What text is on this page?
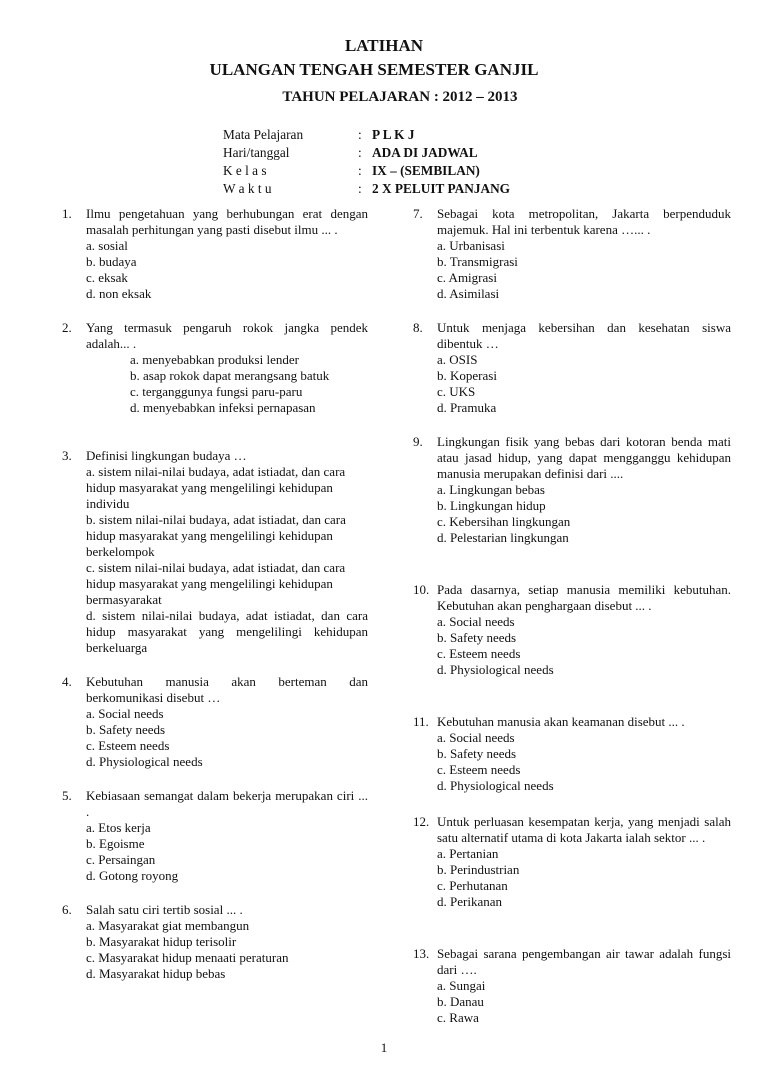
LATIHAN
ULANGAN TENGAH SEMESTER GANJIL
TAHUN PELAJARAN : 2012 – 2013
Mata Pelajaran	: P L K J
Hari/tanggal	: ADA DI JADWAL
K e l a s	: IX – (SEMBILAN)
W a k t u	: 2 X PELUIT PANJANG
1. Ilmu pengetahuan yang berhubungan erat dengan masalah perhitungan yang pasti disebut ilmu ... .
a. sosial
b. budaya
c. eksak
d. non eksak
2. Yang termasuk pengaruh rokok jangka pendek adalah... .
a. menyebabkan produksi lender
b. asap rokok dapat merangsang batuk
c. terganggunya fungsi paru-paru
d. menyebabkan infeksi pernapasan
3. Definisi lingkungan budaya …
a. sistem nilai-nilai budaya, adat istiadat, dan cara hidup masyarakat yang mengelilingi kehidupan individu
b. sistem nilai-nilai budaya, adat istiadat, dan cara hidup masyarakat yang mengelilingi kehidupan berkelompok
c. sistem nilai-nilai budaya, adat istiadat, dan cara hidup masyarakat yang mengelilingi kehidupan bermasyarakat
d. sistem nilai-nilai budaya, adat istiadat, dan cara hidup masyarakat yang mengelilingi kehidupan berkeluarga
4. Kebutuhan manusia akan berteman dan berkomunikasi disebut …
a. Social needs
b. Safety needs
c. Esteem needs
d. Physiological needs
5. Kebiasaan semangat dalam bekerja merupakan ciri ... .
a. Etos kerja
b. Egoisme
c. Persaingan
d. Gotong royong
6. Salah satu ciri tertib sosial ... .
a. Masyarakat giat membangun
b. Masyarakat hidup terisolir
c. Masyarakat hidup menaati peraturan
d. Masyarakat hidup bebas
7. Sebagai kota metropolitan, Jakarta berpenduduk majemuk. Hal ini terbentuk karena …... .
a. Urbanisasi
b. Transmigrasi
c. Amigrasi
d. Asimilasi
8. Untuk menjaga kebersihan dan kesehatan siswa dibentuk …
a. OSIS
b. Koperasi
c. UKS
d. Pramuka
9. Lingkungan fisik yang bebas dari kotoran benda mati atau jasad hidup, yang dapat mengganggu kehidupan manusia merupakan definisi dari ....
a. Lingkungan bebas
b. Lingkungan hidup
c. Kebersihan lingkungan
d. Pelestarian lingkungan
10. Pada dasarnya, setiap manusia memiliki kebutuhan. Kebutuhan akan penghargaan disebut ... .
a. Social needs
b. Safety needs
c. Esteem needs
d. Physiological needs
11. Kebutuhan manusia akan keamanan disebut ... .
a. Social needs
b. Safety needs
c. Esteem needs
d. Physiological needs
12. Untuk perluasan kesempatan kerja, yang menjadi salah satu alternatif utama di kota Jakarta ialah sektor ... .
a. Pertanian
b. Perindustrian
c. Perhutanan
d. Perikanan
13. Sebagai sarana pengembangan air tawar adalah fungsi dari ….
a. Sungai
b. Danau
c. Rawa
1
